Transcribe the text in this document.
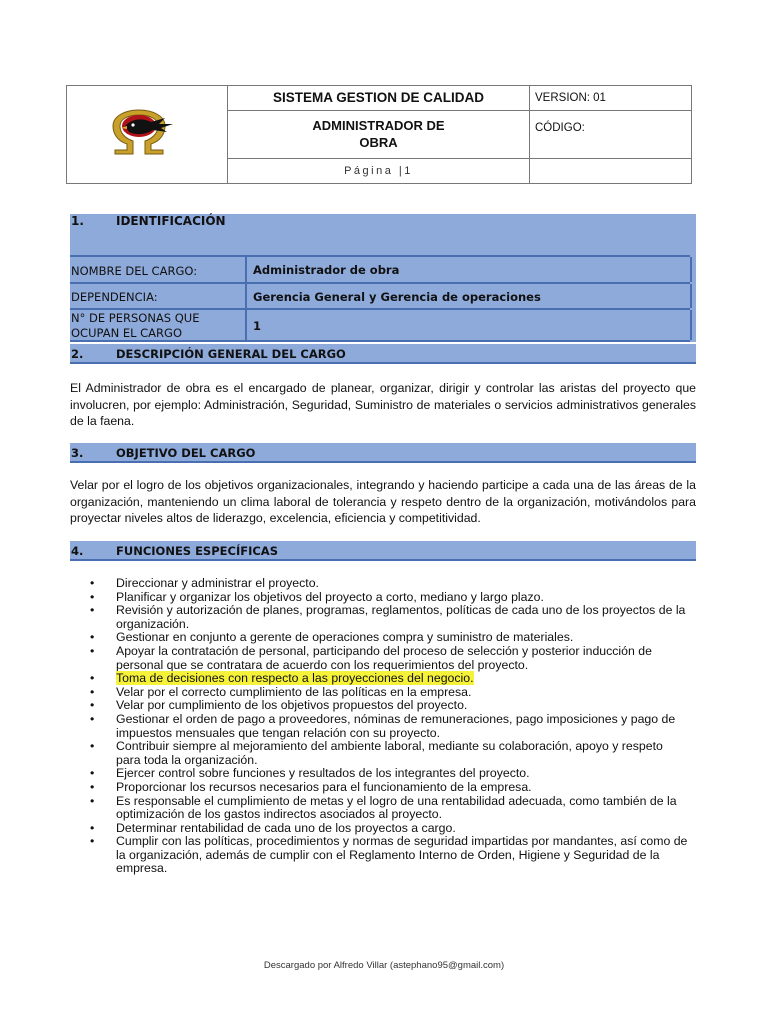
SISTEMA GESTION DE CALIDAD	VERSION: 01
ADMINISTRADOR DE
OBRA
CÓDIGO:
Página |1
1.	IDENTIFICACIÓN
NOMBRE DEL CARGO:	Administrador de obra
DEPENDENCIA:	Gerencia General y Gerencia de operaciones
N° DE PERSONAS QUE
OCUPAN EL CARGO	1
2.	DESCRIPCIÓN GENERAL DEL CARGO
El Administrador de obra es el encargado de planear, organizar, dirigir y controlar las aristas del proyecto que involucren, por ejemplo: Administración, Seguridad, Suministro de materiales o servicios administrativos generales de la faena.
3.	OBJETIVO DEL CARGO
Velar por el logro de los objetivos organizacionales, integrando y haciendo participe a cada una de las áreas de la organización, manteniendo un clima laboral de tolerancia y respeto dentro de la organización, motivándolos para proyectar niveles altos de liderazgo, excelencia, eficiencia y competitividad.
4.	FUNCIONES ESPECÍFICAS
• Direccionar y administrar el proyecto.
• Planificar y organizar los objetivos del proyecto a corto, mediano y largo plazo.
• Revisión y autorización de planes, programas, reglamentos, políticas de cada uno de los proyectos de la organización.
• Gestionar en conjunto a gerente de operaciones compra y suministro de materiales.
• Apoyar la contratación de personal, participando del proceso de selección y posterior inducción de personal que se contratara de acuerdo con los requerimientos del proyecto.
• Toma de decisiones con respecto a las proyecciones del negocio.
• Velar por el correcto cumplimiento de las políticas en la empresa.
• Velar por cumplimiento de los objetivos propuestos del proyecto.
• Gestionar el orden de pago a proveedores, nóminas de remuneraciones, pago imposiciones y pago de impuestos mensuales que tengan relación con su proyecto.
• Contribuir siempre al mejoramiento del ambiente laboral, mediante su colaboración, apoyo y respeto para toda la organización.
• Ejercer control sobre funciones y resultados de los integrantes del proyecto.
• Proporcionar los recursos necesarios para el funcionamiento de la empresa.
• Es responsable el cumplimiento de metas y el logro de una rentabilidad adecuada, como también de la optimización de los gastos indirectos asociados al proyecto.
• Determinar rentabilidad de cada uno de los proyectos a cargo.
• Cumplir con las políticas, procedimientos y normas de seguridad impartidas por mandantes, así como de la organización, además de cumplir con el Reglamento Interno de Orden, Higiene y Seguridad de la empresa.
Descargado por Alfredo Villar (astephano95@gmail.com)
